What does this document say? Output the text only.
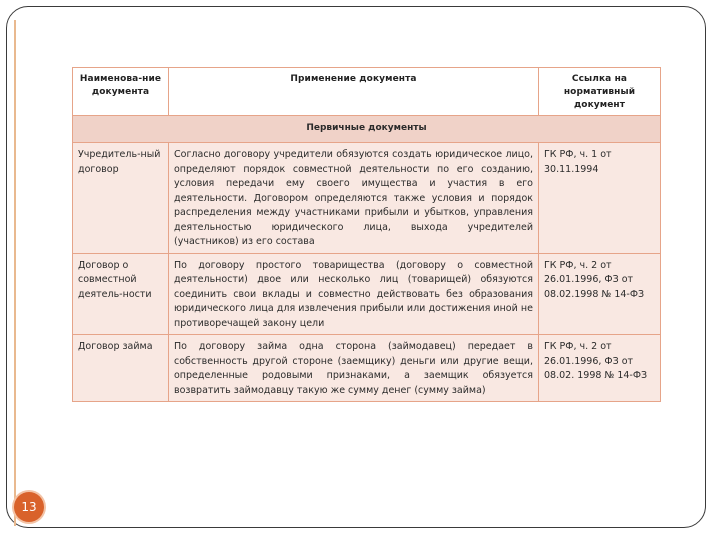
Наименова-ние документа	Применение документа	Ссылка на нормативный документ
Первичные документы		
Учредитель-ный договор	Согласно договору учредители обязуются создать юридическое лицо, определяют порядок совместной деятельности по его созданию, условия передачи ему своего имущества и участия в его деятельности. Договором определяются также условия и порядок распределения между участниками прибыли и убытков, управления деятельностью юридического лица, выхода учредителей (участников) из его состава	ГК РФ, ч. 1 от 30.11.1994
Договор о совместной деятель-ности	По договору простого товарищества (договору о совместной деятельности) двое или несколько лиц (товарищей) обязуются соединить свои вклады и совместно действовать без образования юридического лица для извлечения прибыли или достижения иной не противоречащей закону цели	ГК РФ, ч. 2 от 26.01.1996, ФЗ от 08.02.1998 № 14-ФЗ
Договор займа	По договору займа одна сторона (займодавец) передает в собственность другой стороне (заемщику) деньги или другие вещи, определенные родовыми признаками, а заемщик обязуется возвратить займодавцу такую же сумму денег (сумму займа)	ГК РФ, ч. 2 от 26.01.1996, ФЗ от 08.02. 1998 № 14-ФЗ
13
